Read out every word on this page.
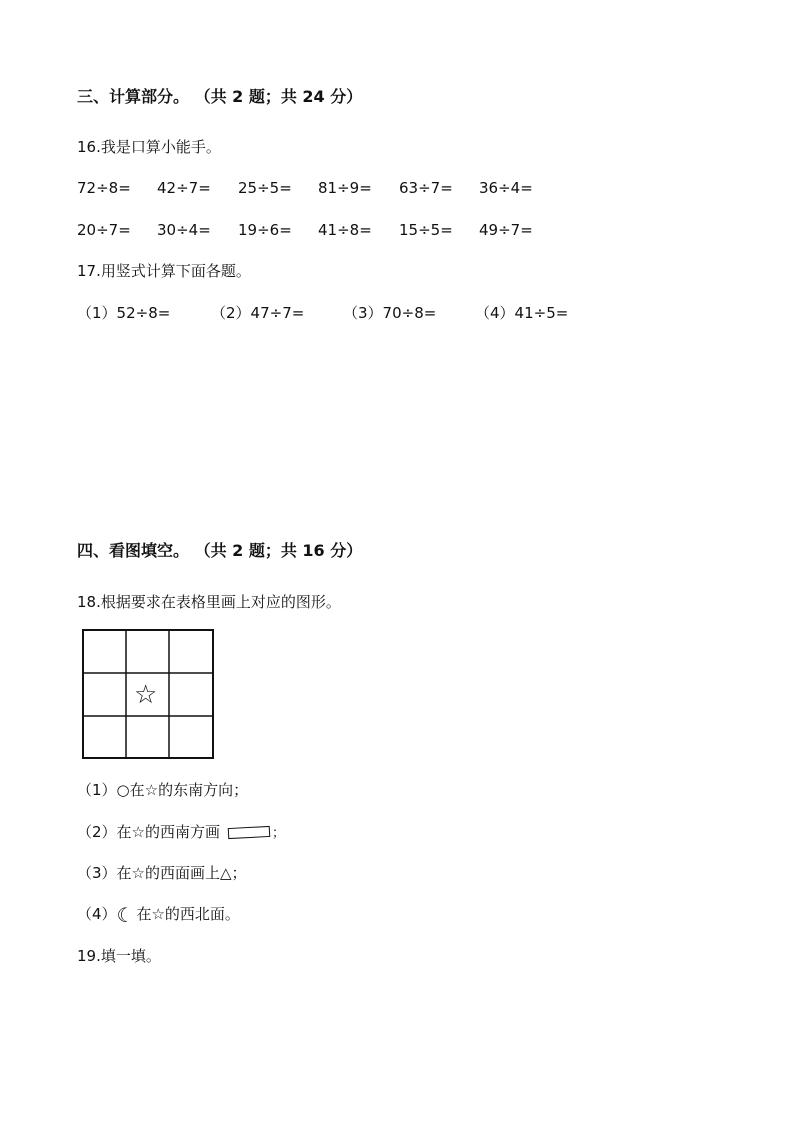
三、计算部分。 （共 2 题；共 24 分）
16.我是口算小能手。
72÷8= 42÷7= 25÷5= 81÷9= 63÷7= 36÷4=
20÷7= 30÷4= 19÷6= 41÷8= 15÷5= 49÷7=
17.用竖式计算下面各题。
（1）52÷8=	（2）47÷7=	（3）70÷8=	（4）41÷5=
四、看图填空。 （共 2 题；共 16 分）
18.根据要求在表格里画上对应的图形。
☆
（1）○在☆的东南方向；
（2）在☆的西南方画	；
（3）在☆的西面画上△；
（4）☾ 在☆的西北面。
19.填一填。
